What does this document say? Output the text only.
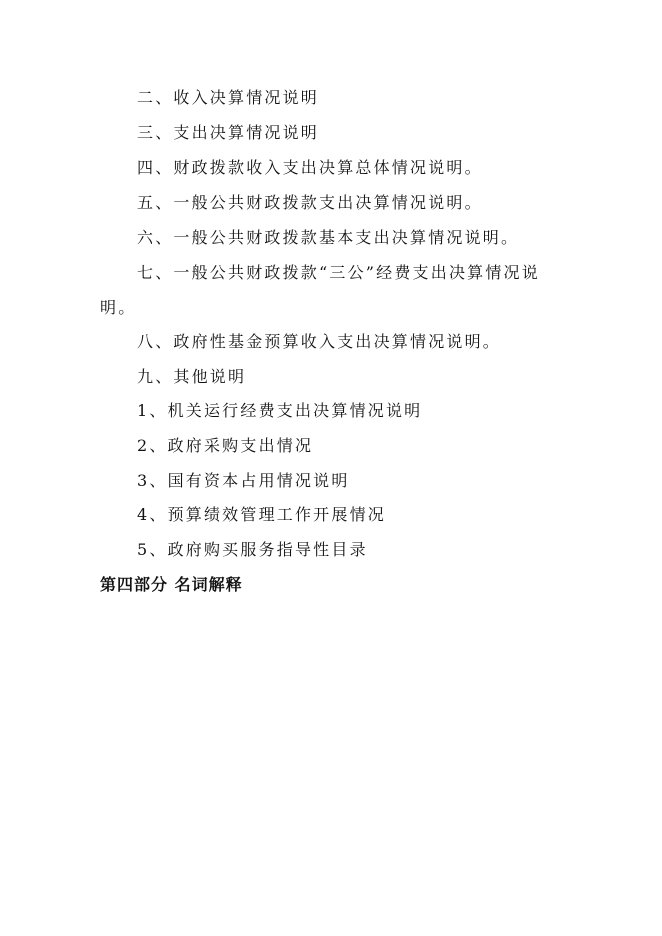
二、收入决算情况说明
三、支出决算情况说明
四、财政拨款收入支出决算总体情况说明。
五、一般公共财政拨款支出决算情况说明。
六、一般公共财政拨款基本支出决算情况说明。
七、一般公共财政拨款“三公”经费支出决算情况说
明。
八、政府性基金预算收入支出决算情况说明。
九、其他说明
1、机关运行经费支出决算情况说明
2、政府采购支出情况
3、国有资本占用情况说明
4、预算绩效管理工作开展情况
5、政府购买服务指导性目录
第四部分 名词解释
